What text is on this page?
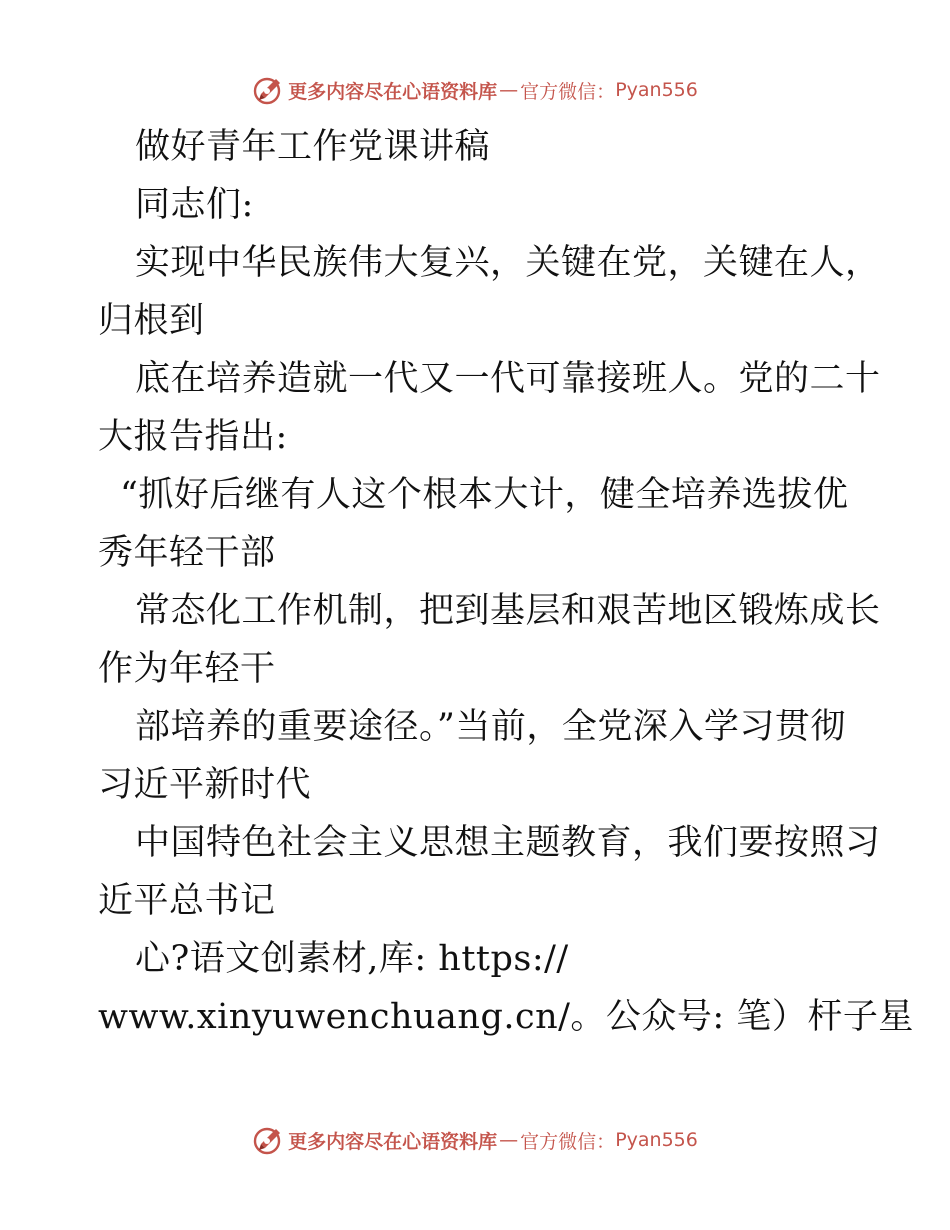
更多内容尽在心语资料库 — 官方微信： Pyan556
做好青年工作党课讲稿
同志们:
实现中华民族伟大复兴，关键在党，关键在人，
归根到
底在培养造就一代又一代可靠接班人。党的二十
大报告指出:
“抓好后继有人这个根本大计，健全培养选拔优
秀年轻干部
常态化工作机制，把到基层和艰苦地区锻炼成长
作为年轻干
部培养的重要途径。”当前，全党深入学习贯彻
习近平新时代
中国特色社会主义思想主题教育，我们要按照习
近平总书记
心?语文创素材,库: https://
www.xinyuwenchuang.cn/。公众号: 笔）杆子星
更多内容尽在心语资料库 — 官方微信： Pyan556
